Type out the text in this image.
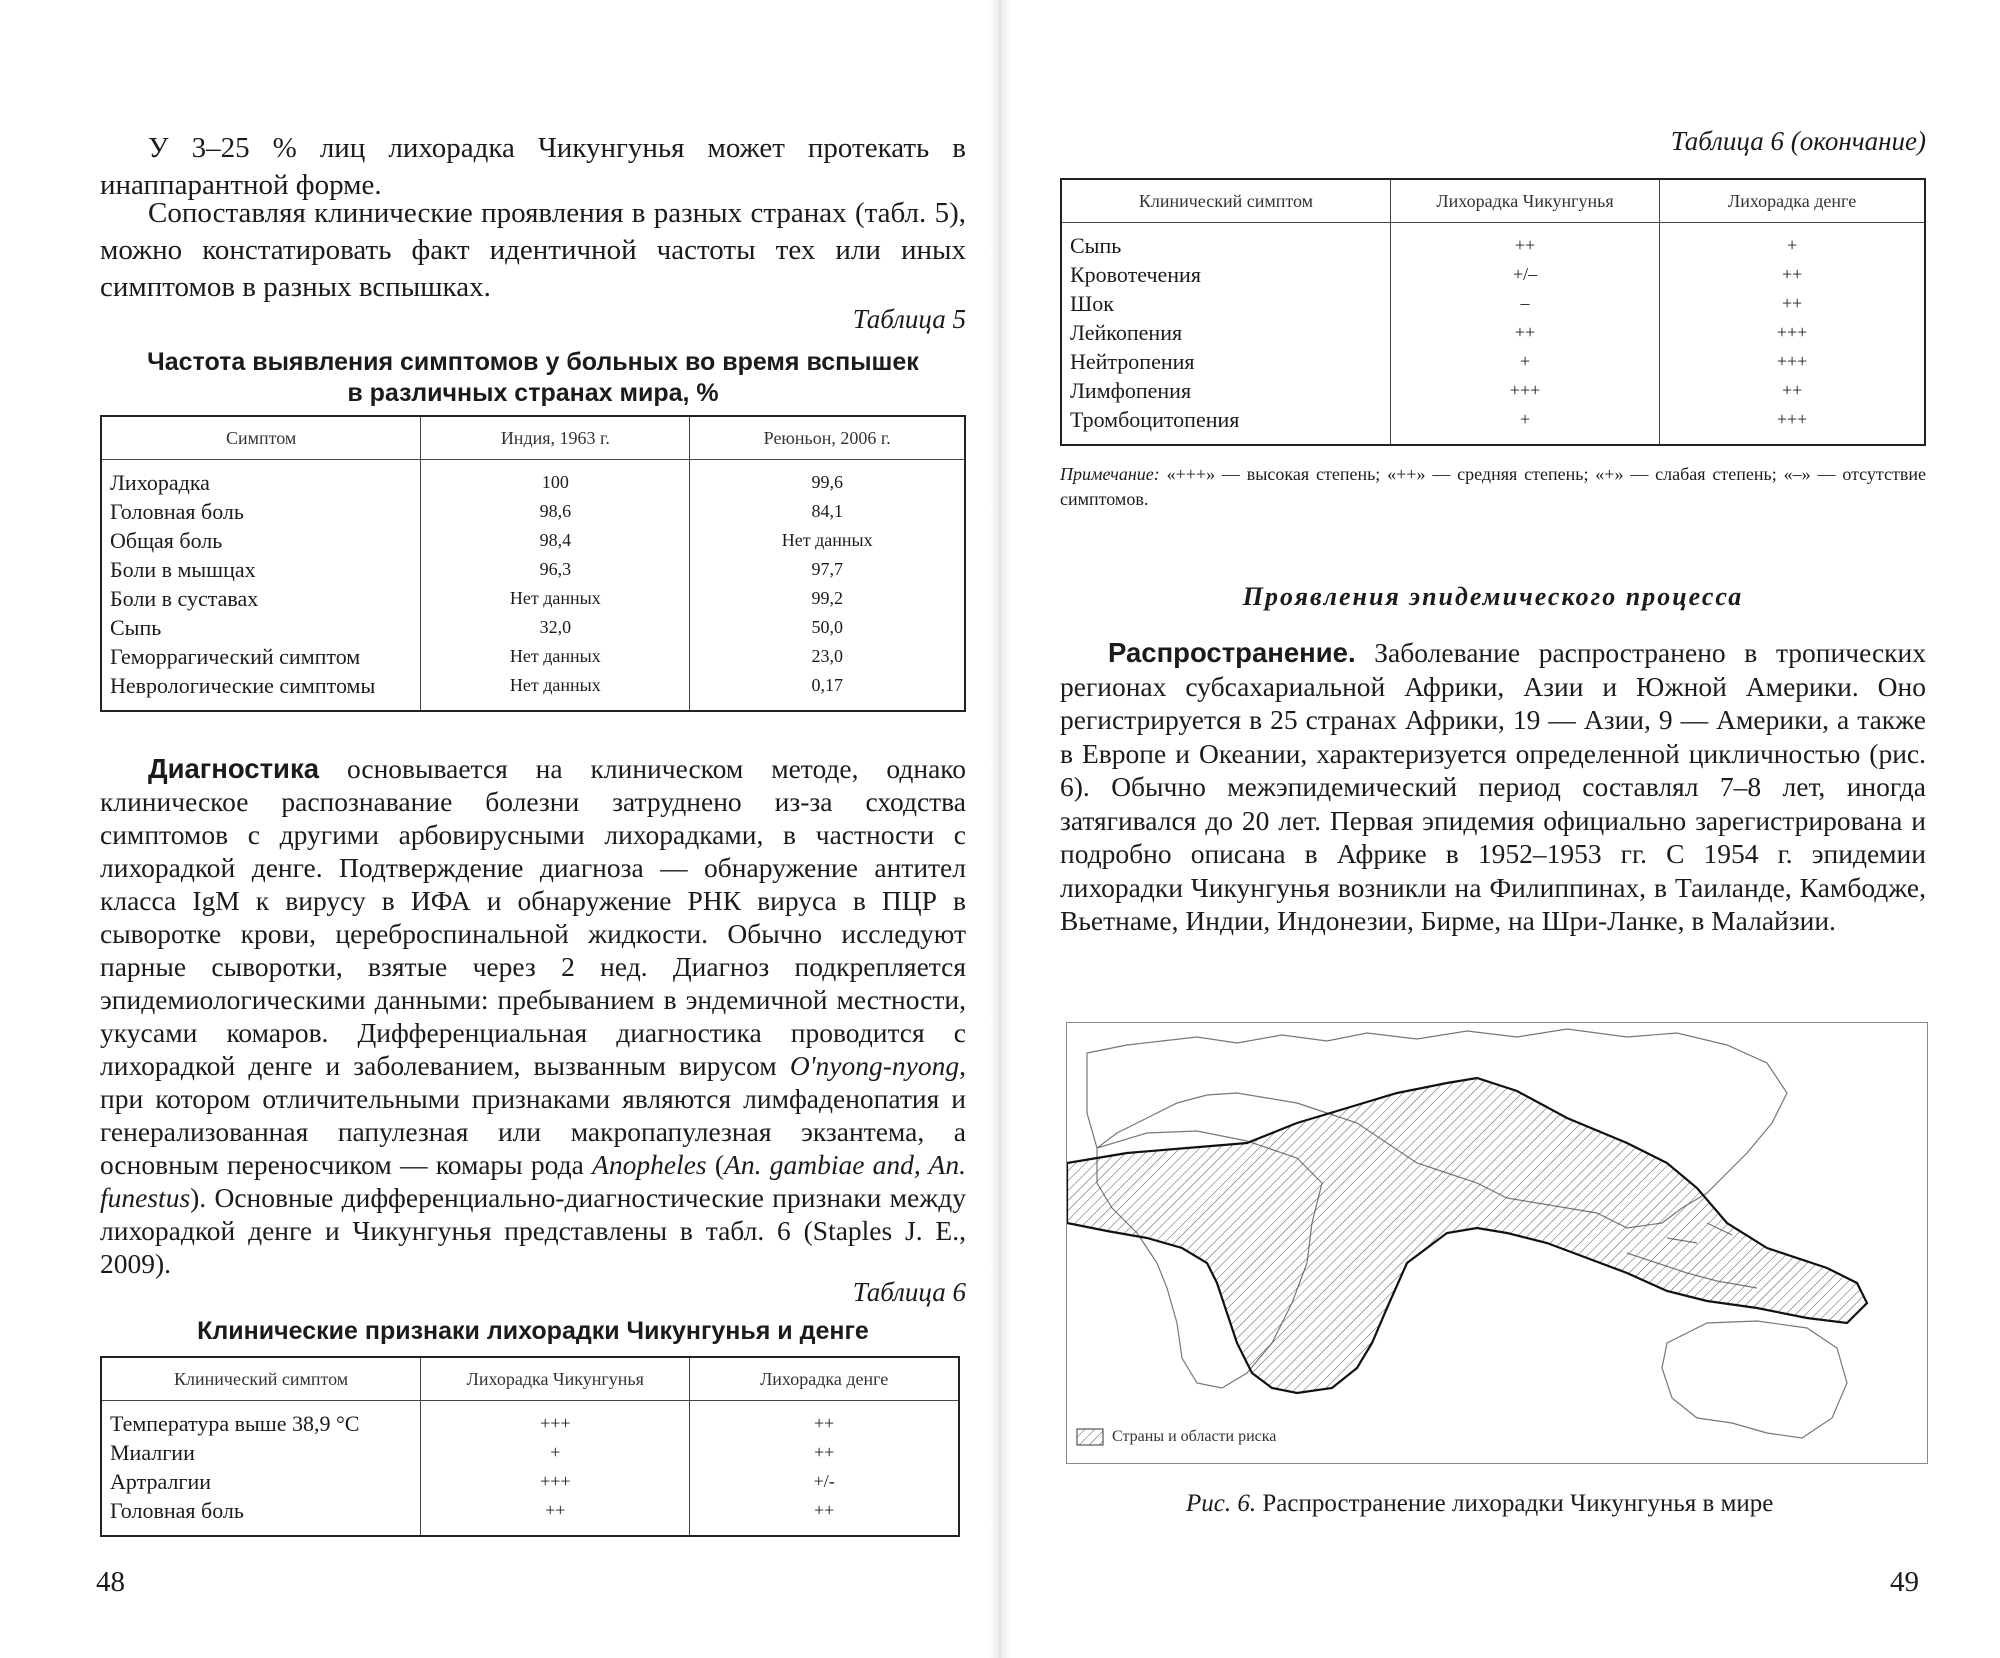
У 3–25 % лиц лихорадка Чикунгунья может протекать в инаппарантной форме.

Сопоставляя клинические проявления в разных странах (табл. 5), можно констатировать факт идентичной частоты тех или иных симптомов в разных вспышках.

Таблица 5

Частота выявления симптомов у больных во время вспышек

в различных странах мира, %

Симптом	Индия, 1963 г.	Реюньон, 2006 г.
Лихорадка	100	99,6
Головная боль	98,6	84,1
Общая боль	98,4	Нет данных
Боли в мышцах	96,3	97,7
Боли в суставах	Нет данных	99,2
Сыпь	32,0	50,0
Геморрагический симптом	Нет данных	23,0
Неврологические симптомы	Нет данных	0,17

Диагностика основывается на клиническом методе, однако клиническое распознавание болезни затруднено из-за сходства симптомов с другими арбовирусными лихорадками, в частности с лихорадкой денге. Подтверждение диагноза — обнаружение антител класса IgM к вирусу в ИФА и обнаружение РНК вируса в ПЦР в сыворотке крови, цереброспинальной жидкости. Обычно исследуют парные сыворотки, взятые через 2 нед. Диагноз подкрепляется эпидемиологическими данными: пребыванием в эндемичной местности, укусами комаров. Дифференциальная диагностика проводится с лихорадкой денге и заболеванием, вызванным вирусом O'nyong-nyong, при котором отличительными признаками являются лимфаденопатия и генерализованная папулезная или макропапулезная экзантема, а основным переносчиком — комары рода Anopheles (An. gambiae and, An. funestus). Основные дифференциально-диагностические признаки между лихорадкой денге и Чикунгунья представлены в табл. 6 (Staples J. E., 2009).

Таблица 6

Клинические признаки лихорадки Чикунгунья и денге

Клинический симптом	Лихорадка Чикунгунья	Лихорадка денге
Температура выше 38,9 °С	+++	++
Миалгии	+	++
Артралгии	+++	+/-
Головная боль	++	++
48

Таблица 6 (окончание)

Клинический симптом	Лихорадка Чикунгунья	Лихорадка денге
Сыпь	++	+
Кровотечения	+/–	++
Шок	–	++
Лейкопения	++	+++
Нейтропения	+	+++
Лимфопения	+++	++
Тромбоцитопения	+	+++

Примечание: «+++» — высокая степень; «++» — средняя степень; «+» — слабая степень; «–» — отсутствие симптомов.

Проявления эпидемического процесса

Распространение. Заболевание распространено в тропических регионах субсахариальной Африки, Азии и Южной Америки. Оно регистрируется в 25 странах Африки, 19 — Азии, 9 — Америки, а также в Европе и Океании, характеризуется определенной цикличностью (рис. 6). Обычно межэпидемический период составлял 7–8 лет, иногда затягивался до 20 лет. Первая эпидемия официально зарегистрирована и подробно описана в Африке в 1952–1953 гг. С 1954 г. эпидемии лихорадки Чикунгунья возникли на Филиппинах, в Таиланде, Камбодже, Вьетнаме, Индии, Индонезии, Бирме, на Шри-Ланке, в Малайзии.

49
Страны и области риска
Рис. 6. Распространение лихорадки Чикунгунья в мире
